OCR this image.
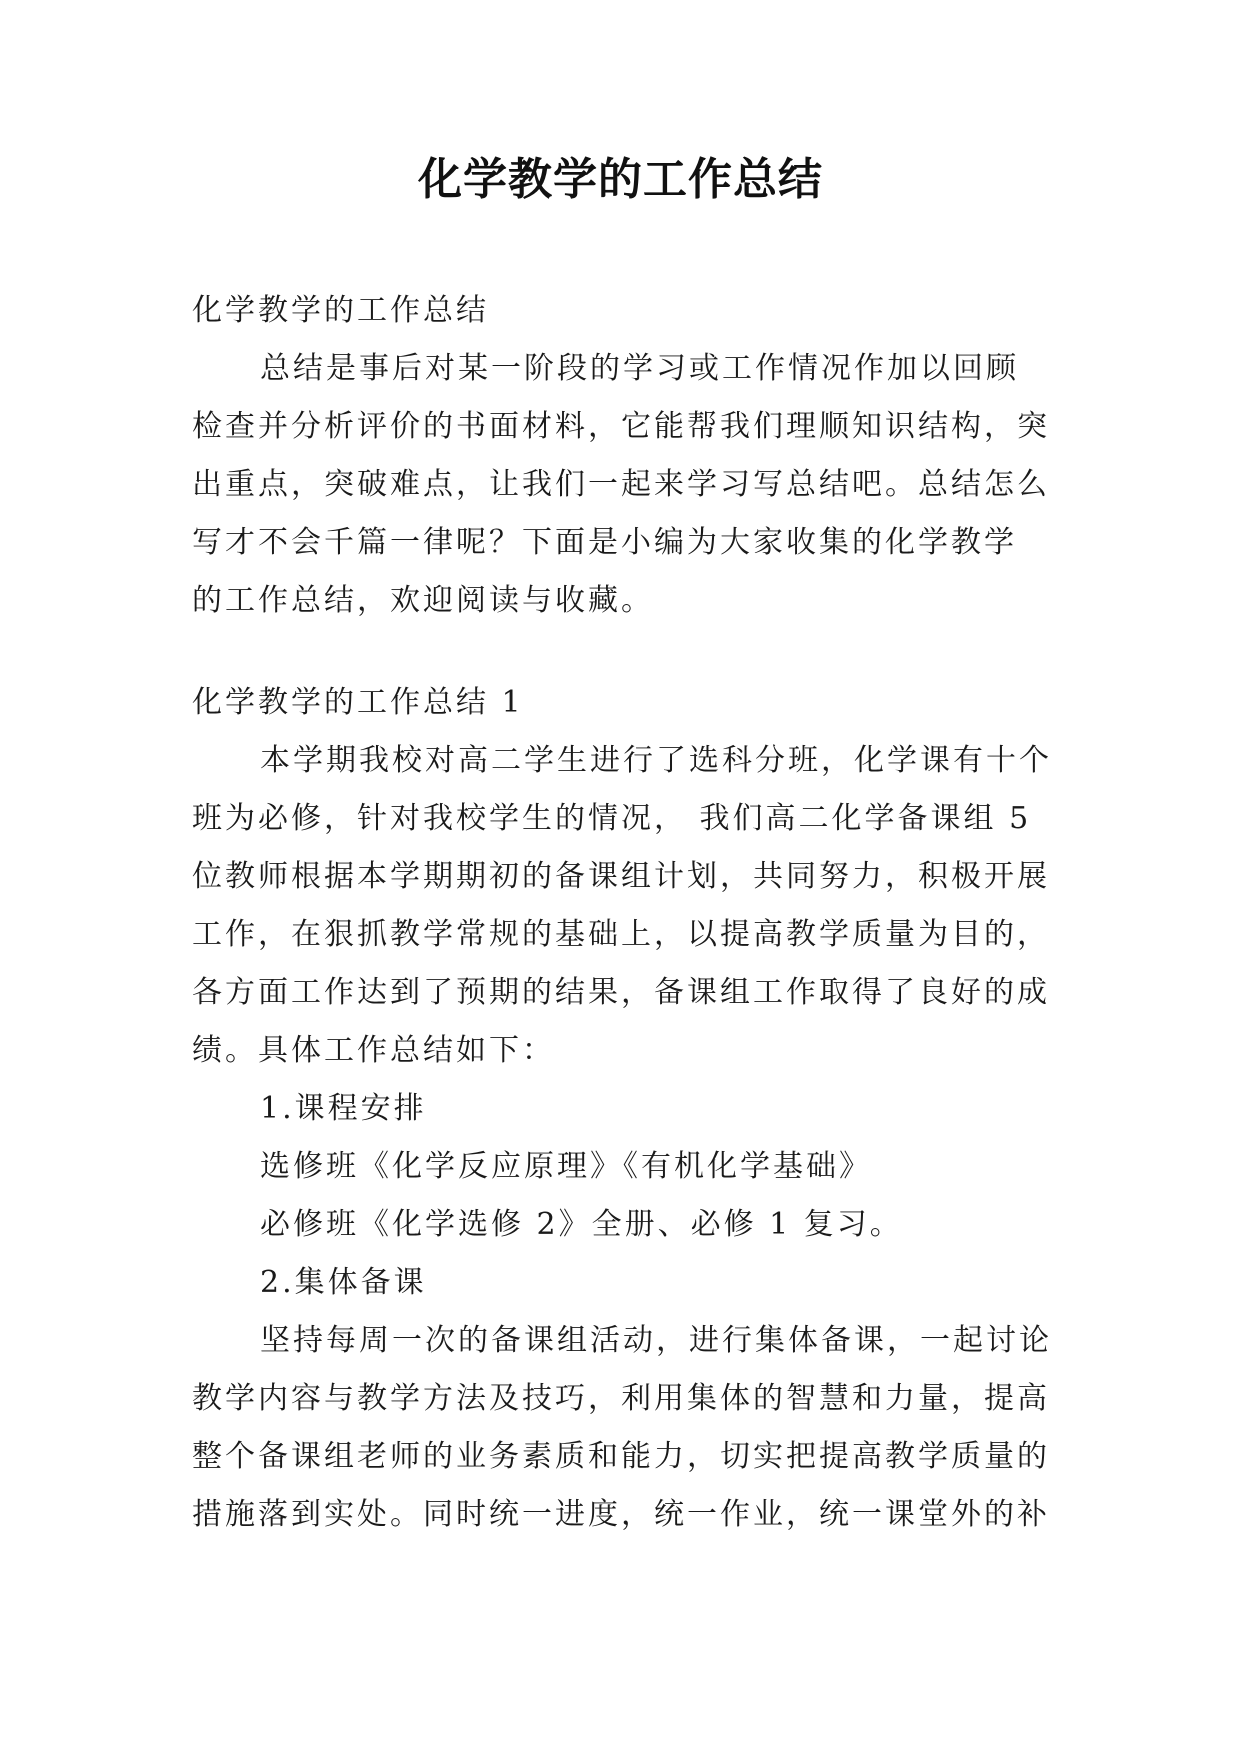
化学教学的工作总结
化学教学的工作总结
总结是事后对某一阶段的学习或工作情况作加以回顾
检查并分析评价的书面材料，它能帮我们理顺知识结构，突
出重点，突破难点，让我们一起来学习写总结吧。总结怎么
写才不会千篇一律呢？下面是小编为大家收集的化学教学
的工作总结，欢迎阅读与收藏。
化学教学的工作总结 1
本学期我校对高二学生进行了选科分班，化学课有十个
班为必修，针对我校学生的情况， 我们高二化学备课组 5
位教师根据本学期期初的备课组计划，共同努力，积极开展
工作，在狠抓教学常规的基础上，以提高教学质量为目的，
各方面工作达到了预期的结果，备课组工作取得了良好的成
绩。具体工作总结如下：
1.课程安排
选修班《化学反应原理》《有机化学基础》
必修班《化学选修 2》全册、必修 1 复习。
2.集体备课
坚持每周一次的备课组活动，进行集体备课，一起讨论
教学内容与教学方法及技巧，利用集体的智慧和力量，提高
整个备课组老师的业务素质和能力，切实把提高教学质量的
措施落到实处。同时统一进度，统一作业，统一课堂外的补
